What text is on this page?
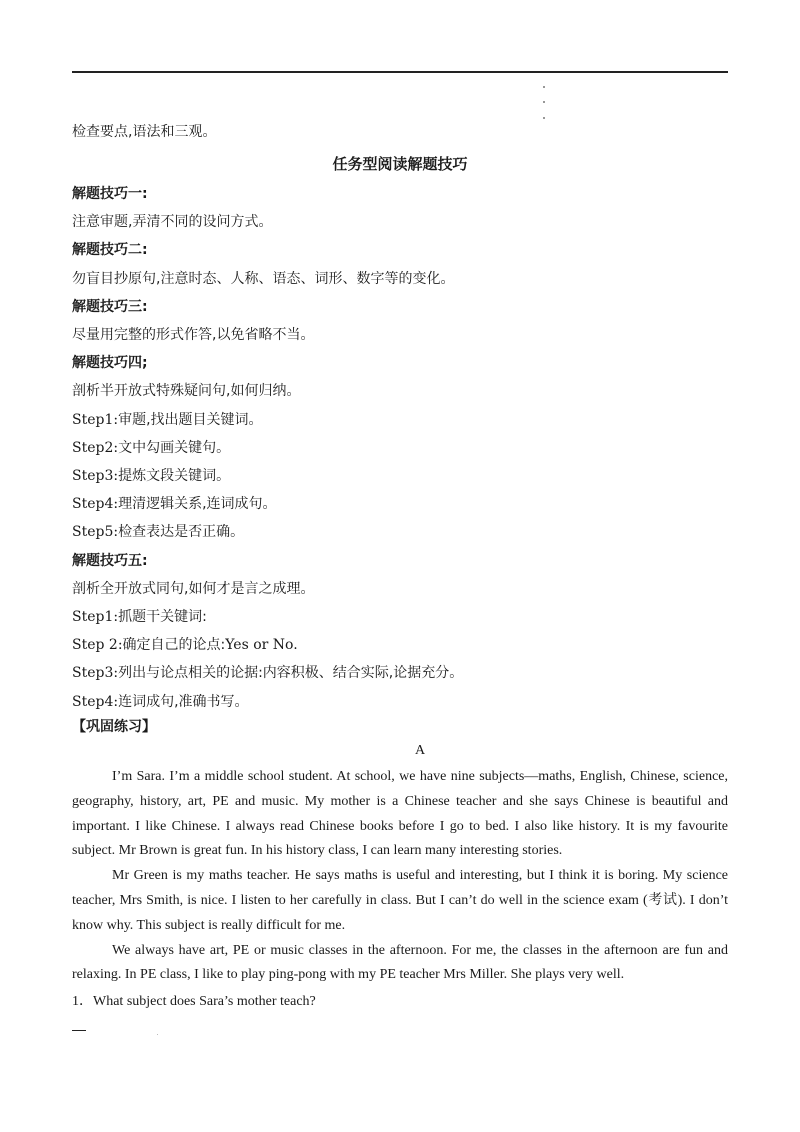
检查要点,语法和三观。
任务型阅读解题技巧
解题技巧一:
注意审题,弄清不同的设问方式。
解题技巧二:
勿盲目抄原句,注意时态、人称、语态、词形、数字等的变化。
解题技巧三:
尽量用完整的形式作答,以免省略不当。
解题技巧四;
剖析半开放式特殊疑问句,如何归纳。
Step1:审题,找出题目关键词。
Step2:文中勾画关键句。
Step3:提炼文段关键词。
Step4:理清逻辑关系,连词成句。
Step5:检查表达是否正确。
解题技巧五:
剖析全开放式同句,如何才是言之成理。
Step1:抓题干关键词:
Step 2:确定自己的论点:Yes or No.
Step3:列出与论点相关的论据:内容积极、结合实际,论据充分。
Step4:连词成句,准确书写。
【巩固练习】
A

I’m Sara. I’m a middle school student. At school, we have nine subjects—maths, English, Chinese, science, geography, history, art, PE and music. My mother is a Chinese teacher and she says Chinese is beautiful and important. I like Chinese. I always read Chinese books before I go to bed. I also like history. It is my favourite subject. Mr Brown is great fun. In his history class, I can learn many interesting stories.

Mr Green is my maths teacher. He says maths is useful and interesting, but I think it is boring. My science teacher, Mrs Smith, is nice. I listen to her carefully in class. But I can’t do well in the science exam (考试). I don’t know why. This subject is really difficult for me.

We always have art, PE or music classes in the afternoon. For me, the classes in the afternoon are fun and relaxing. In PE class, I like to play ping-pong with my PE teacher Mrs Miller. She plays very well.

1．What subject does Sara’s mother teach?
